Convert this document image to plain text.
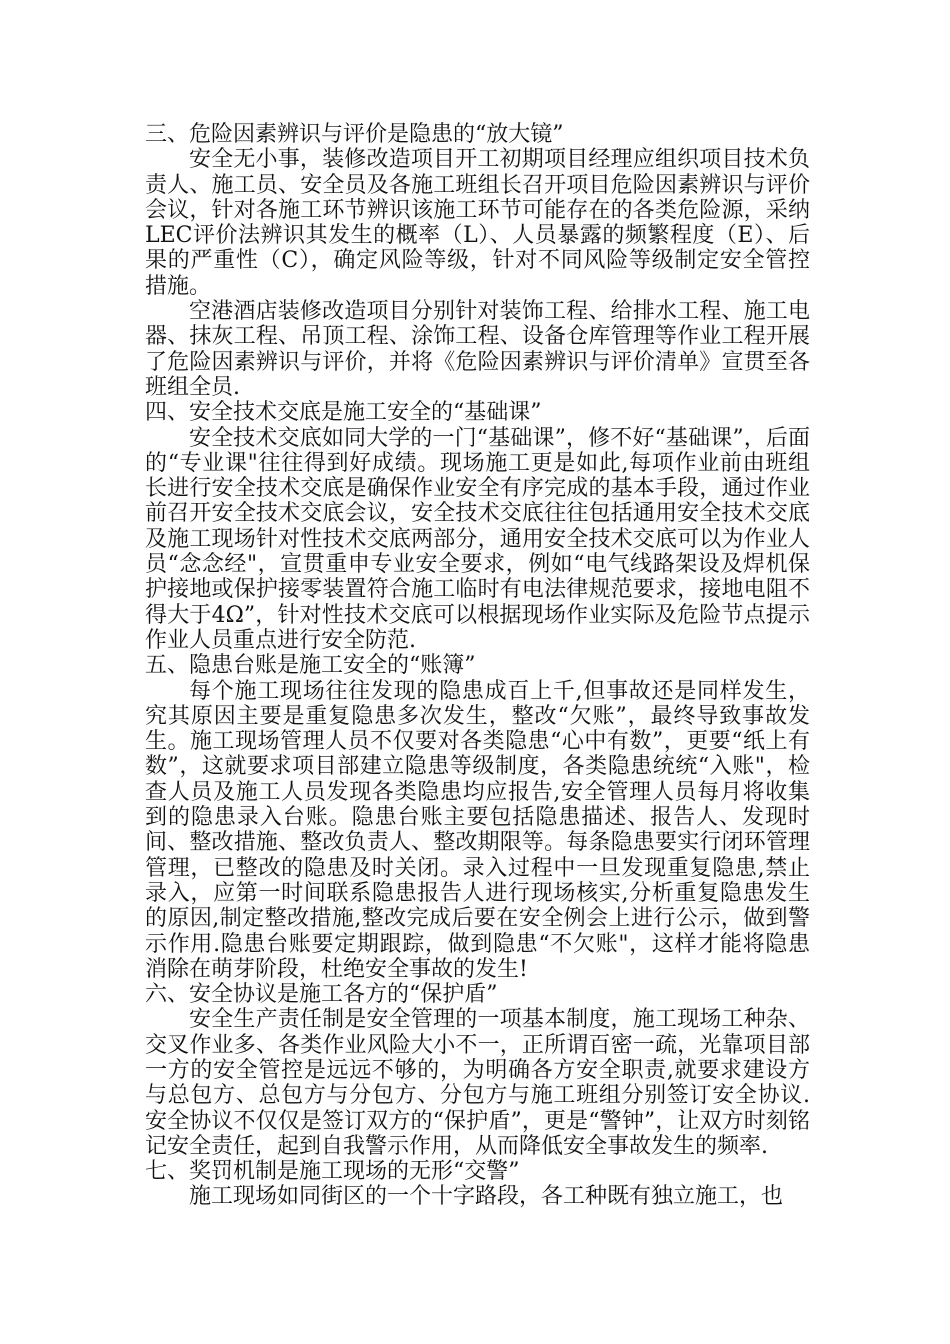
三、危险因素辨识与评价是隐患的“放大镜”

安全无小事，装修改造项目开工初期项目经理应组织项目技术负责人、施工员、安全员及各施工班组长召开项目危险因素辨识与评价会议，针对各施工环节辨识该施工环节可能存在的各类危险源，采纳LEC评价法辨识其发生的概率（L）、人员暴露的频繁程度（E）、后果的严重性（C），确定风险等级，针对不同风险等级制定安全管控措施。

空港酒店装修改造项目分别针对装饰工程、给排水工程、施工电器、抹灰工程、吊顶工程、涂饰工程、设备仓库管理等作业工程开展了危险因素辨识与评价，并将《危险因素辨识与评价清单》宣贯至各班组全员.

四、安全技术交底是施工安全的“基础课”

安全技术交底如同大学的一门“基础课”，修不好“基础课”，后面的“专业课"往往得到好成绩。现场施工更是如此,每项作业前由班组长进行安全技术交底是确保作业安全有序完成的基本手段，通过作业前召开安全技术交底会议，安全技术交底往往包括通用安全技术交底及施工现场针对性技术交底两部分，通用安全技术交底可以为作业人员“念念经"，宣贯重申专业安全要求，例如“电气线路架设及焊机保护接地或保护接零装置符合施工临时有电法律规范要求，接地电阻不得大于4Ω”，针对性技术交底可以根据现场作业实际及危险节点提示作业人员重点进行安全防范.

五、隐患台账是施工安全的“账簿”

每个施工现场往往发现的隐患成百上千,但事故还是同样发生，究其原因主要是重复隐患多次发生，整改“欠账”，最终导致事故发生。施工现场管理人员不仅要对各类隐患“心中有数”，更要“纸上有数”，这就要求项目部建立隐患等级制度，各类隐患统统“入账"，检查人员及施工人员发现各类隐患均应报告,安全管理人员每月将收集到的隐患录入台账。隐患台账主要包括隐患描述、报告人、发现时间、整改措施、整改负责人、整改期限等。每条隐患要实行闭环管理管理，已整改的隐患及时关闭。录入过程中一旦发现重复隐患,禁止录入，应第一时间联系隐患报告人进行现场核实,分析重复隐患发生的原因,制定整改措施,整改完成后要在安全例会上进行公示，做到警示作用.隐患台账要定期跟踪，做到隐患“不欠账"，这样才能将隐患消除在萌芽阶段，杜绝安全事故的发生!

六、安全协议是施工各方的“保护盾”

安全生产责任制是安全管理的一项基本制度，施工现场工种杂、交叉作业多、各类作业风险大小不一，正所谓百密一疏，光靠项目部一方的安全管控是远远不够的，为明确各方安全职责,就要求建设方与总包方、总包方与分包方、分包方与施工班组分别签订安全协议.安全协议不仅仅是签订双方的“保护盾”，更是“警钟”，让双方时刻铭记安全责任，起到自我警示作用，从而降低安全事故发生的频率.

七、奖罚机制是施工现场的无形“交警”

施工现场如同街区的一个十字路段，各工种既有独立施工，也
